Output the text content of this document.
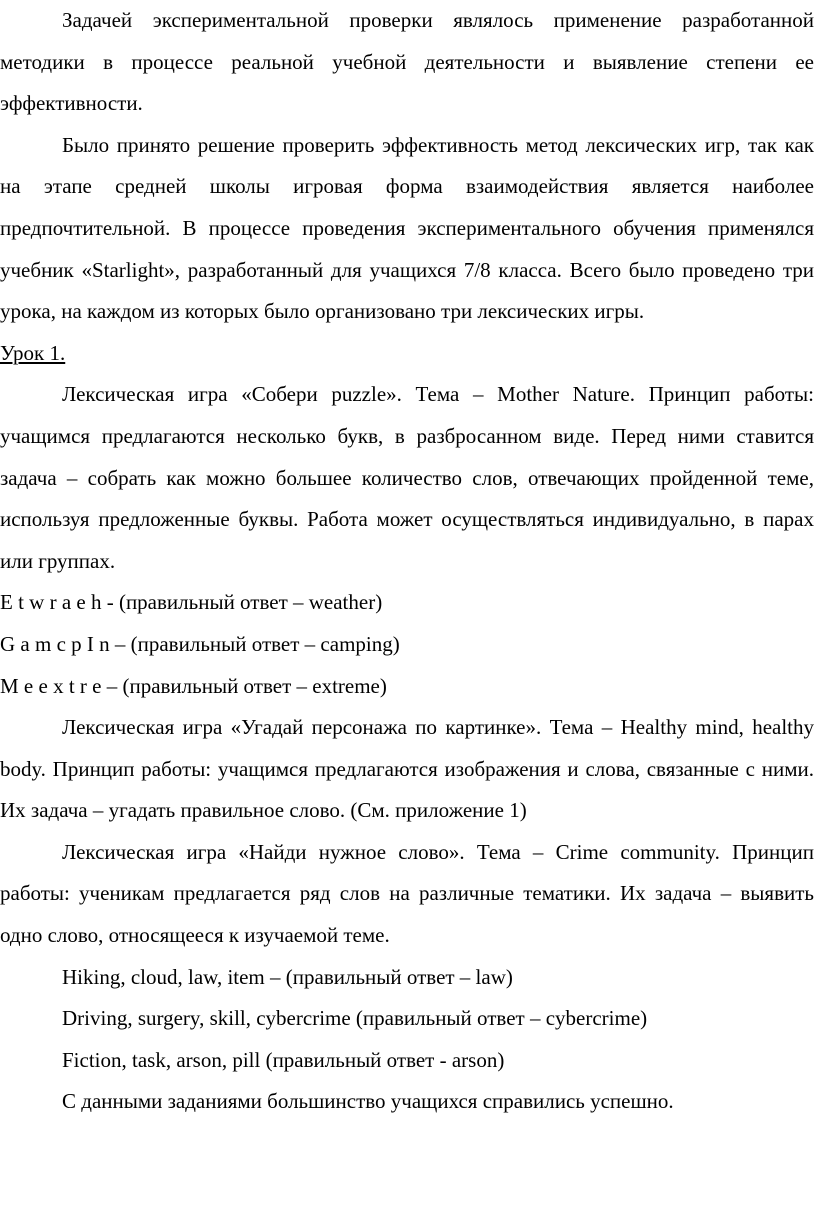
Задачей экспериментальной проверки являлось применение разработанной методики в процессе реальной учебной деятельности и выявление степени ее эффективности.

Было принято решение проверить эффективность метод лексических игр, так как на этапе средней школы игровая форма взаимодействия является наиболее предпочтительной. В процессе проведения экспериментального обучения применялся учебник «Starlight», разработанный для учащихся 7/8 класса. Всего было проведено три урока, на каждом из которых было организовано три лексических игры.

Урок 1.

Лексическая игра «Собери puzzle». Тема – Mother Nature. Принцип работы: учащимся предлагаются несколько букв, в разбросанном виде. Перед ними ставится задача – собрать как можно большее количество слов, отвечающих пройденной теме, используя предложенные буквы. Работа может осуществляться индивидуально, в парах или группах.

E t w r a e h - (правильный ответ – weather)

G a m c p I n – (правильный ответ – camping)

M e e x t r e – (правильный ответ – extreme)

Лексическая игра «Угадай персонажа по картинке». Тема – Healthy mind, healthy body. Принцип работы: учащимся предлагаются изображения и слова, связанные с ними. Их задача – угадать правильное слово. (См. приложение 1)

Лексическая игра «Найди нужное слово». Тема – Crime community. Принцип работы: ученикам предлагается ряд слов на различные тематики. Их задача – выявить одно слово, относящееся к изучаемой теме.

Hiking, cloud, law, item – (правильный ответ – law)

Driving, surgery, skill, cybercrime (правильный ответ – cybercrime)

Fiction, task, arson, pill (правильный ответ - arson)

С данными заданиями большинство учащихся справились успешно.
